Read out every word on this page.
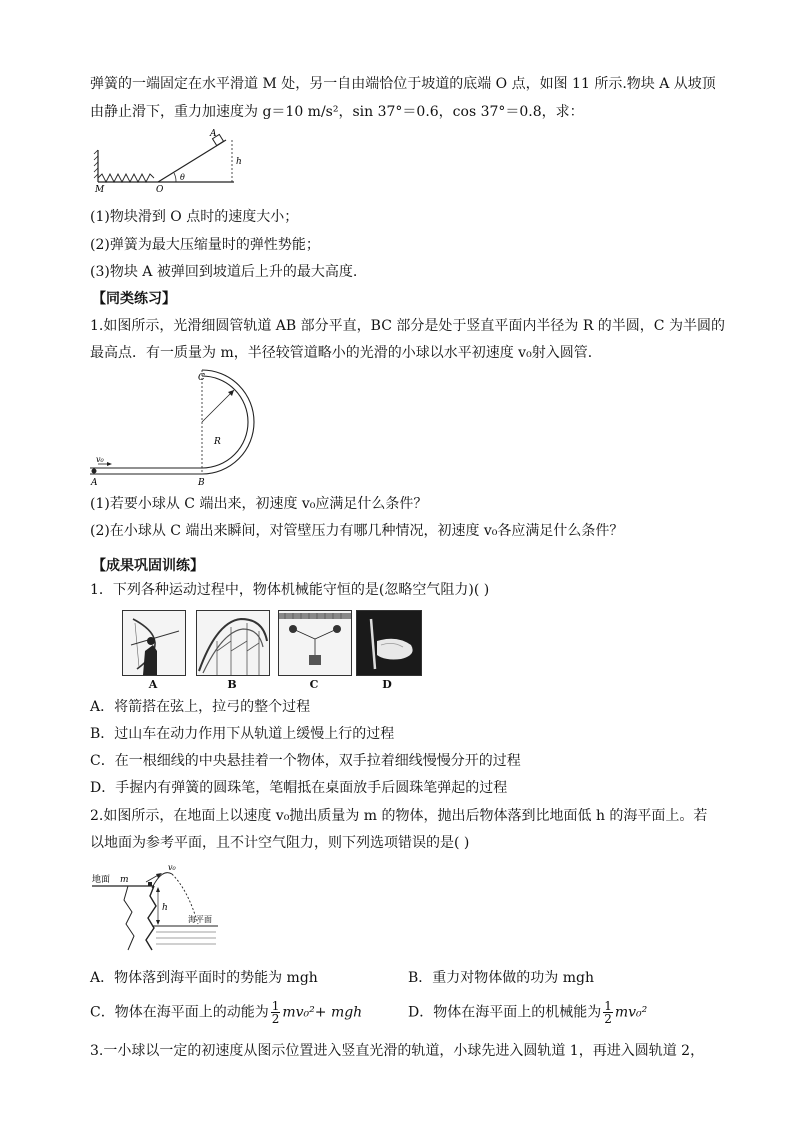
弹簧的一端固定在水平滑道 M 处，另一自由端恰位于坡道的底端 O 点，如图 11 所示.物块 A 从坡顶
由静止滑下，重力加速度为 g＝10 m/s²，sin 37°＝0.6，cos 37°＝0.8，求：
A
h
M	O
θ
(1)物块滑到 O 点时的速度大小；
(2)弹簧为最大压缩量时的弹性势能；
(3)物块 A 被弹回到坡道后上升的最大高度.
【同类练习】
1.如图所示，光滑细圆管轨道 AB 部分平直，BC 部分是处于竖直平面内半径为 R 的半圆，C 为半圆的
最高点．有一质量为 m，半径较管道略小的光滑的小球以水平初速度 v₀射入圆管．
C
R
v₀
A	B
(1)若要小球从 C 端出来，初速度 v₀应满足什么条件？
(2)在小球从 C 端出来瞬间，对管壁压力有哪几种情况，初速度 v₀各应满足什么条件？
【成果巩固训练】
1．下列各种运动过程中，物体机械能守恒的是(忽略空气阻力)( )
A	B	C	D
A．将箭搭在弦上，拉弓的整个过程
B．过山车在动力作用下从轨道上缓慢上行的过程
C．在一根细线的中央悬挂着一个物体，双手拉着细线慢慢分开的过程
D．手握内有弹簧的圆珠笔，笔帽抵在桌面放手后圆珠笔弹起的过程
2.如图所示，在地面上以速度 v₀抛出质量为 m 的物体，抛出后物体落到比地面低 h 的海平面上。若
以地面为参考平面，且不计空气阻力，则下列选项错误的是( )
地面 m
v₀
h
海平面
A．物体落到海平面时的势能为 mgh	B．重力对物体做的功为 mgh
C．物体在海平面上的动能为 $\frac{1}{2} mv_0^2+$ mgh	D．物体在海平面上的机械能为 $\frac{1}{2} mv_0^2$
3.一小球以一定的初速度从图示位置进入竖直光滑的轨道，小球先进入圆轨道 1，再进入圆轨道 2，
